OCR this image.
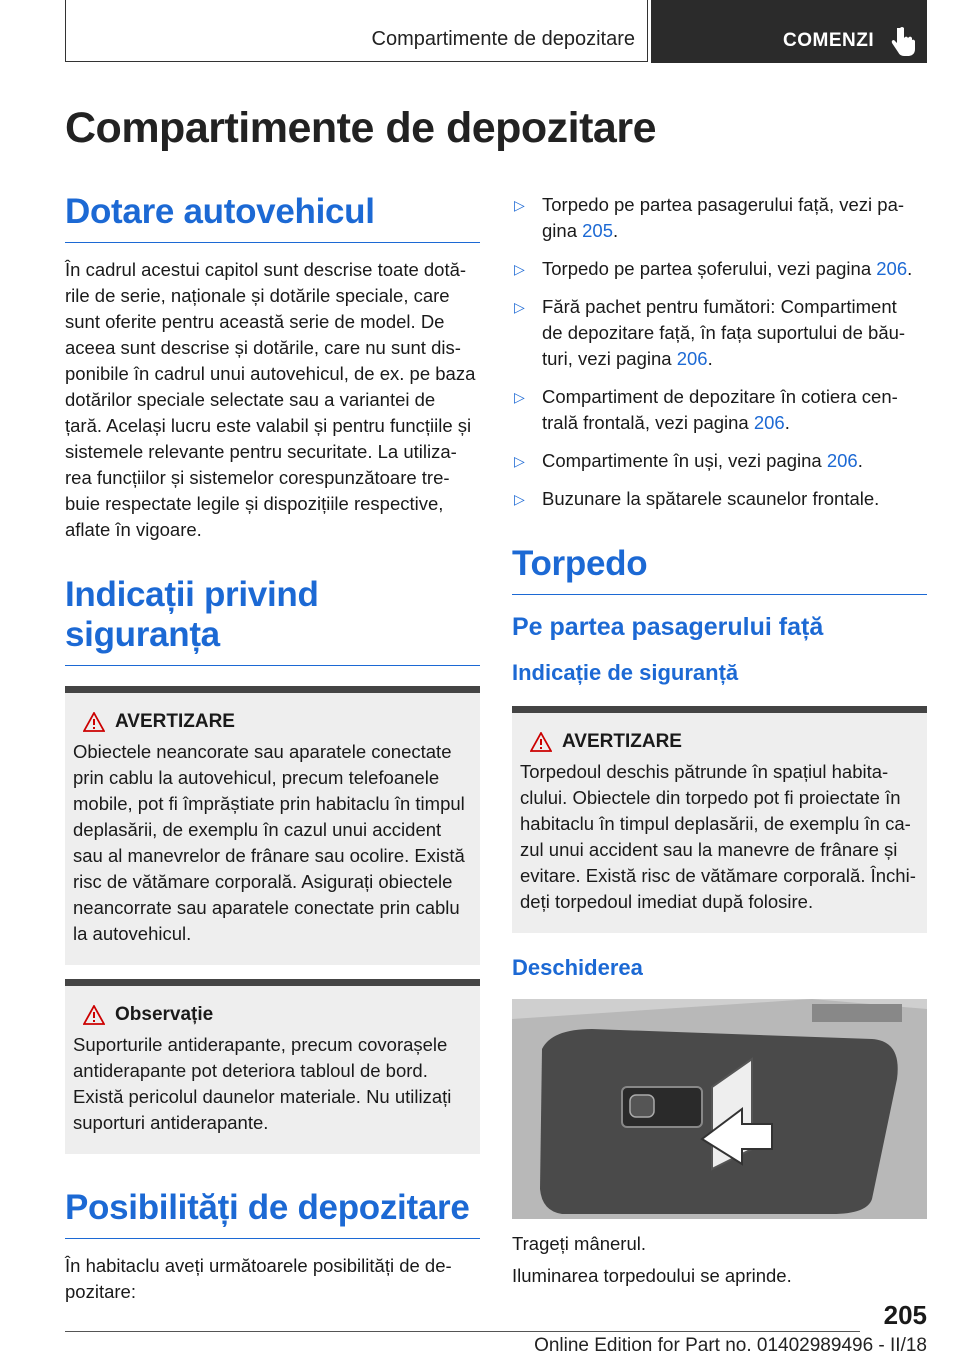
Compartimente de depozitare	COMENZI
Compartimente de depozitare
Dotare autovehicul

În cadrul acestui capitol sunt descrise toate dotă-

rile de serie, naționale și dotările speciale, care

sunt oferite pentru această serie de model. De

aceea sunt descrise și dotările, care nu sunt dis-

ponibile în cadrul unui autovehicul, de ex. pe baza

dotărilor speciale selectate sau a variantei de

țară. Același lucru este valabil și pentru funcțiile și

sistemele relevante pentru securitate. La utiliza-

rea funcțiilor și sistemelor corespunzătoare tre-

buie respectate legile și dispozițiile respective,

aflate în vigoare.

Indicații privind siguranța
AVERTIZARE

Obiectele neancorate sau aparatele conectate

prin cablu la autovehicul, precum telefoanele

mobile, pot fi împrăștiate prin habitaclu în timpul

deplasării, de exemplu în cazul unui accident

sau al manevrelor de frânare sau ocolire. Există

risc de vătămare corporală. Asigurați obiectele

neancorrate sau aparatele conectate prin cablu

la autovehicul.

Observație

Suporturile antiderapante, precum covorașele

antiderapante pot deteriora tabloul de bord.

Există pericolul daunelor materiale. Nu utilizați

suporturi antiderapante.

Posibilități de depozitare

În habitaclu aveți următoarele posibilități de de-

pozitare:

▷ Torpedo pe partea pasagerului față, vezi pa-
gina 205.
▷ Torpedo pe partea șoferului, vezi pagina 206.
▷ Fără pachet pentru fumători: Compartiment
de depozitare față, în fața suportului de bău-
turi, vezi pagina 206.
▷ Compartiment de depozitare în cotiera cen-
trală frontală, vezi pagina 206.
▷ Compartimente în uși, vezi pagina 206.
▷ Buzunare la spătarele scaunelor frontale.
Torpedo
Pe partea pasagerului față
Indicație de siguranță
AVERTIZARE

Torpedoul deschis pătrunde în spațiul habita-

clului. Obiectele din torpedo pot fi proiectate în

habitaclu în timpul deplasării, de exemplu în ca-

zul unui accident sau la manevre de frânare și

evitare. Există risc de vătămare corporală. Închi-

deți torpedoul imediat după folosire.

Deschiderea

Trageți mânerul.

Iluminarea torpedoului se aprinde.

205
Online Edition for Part no. 01402989496 - II/18
